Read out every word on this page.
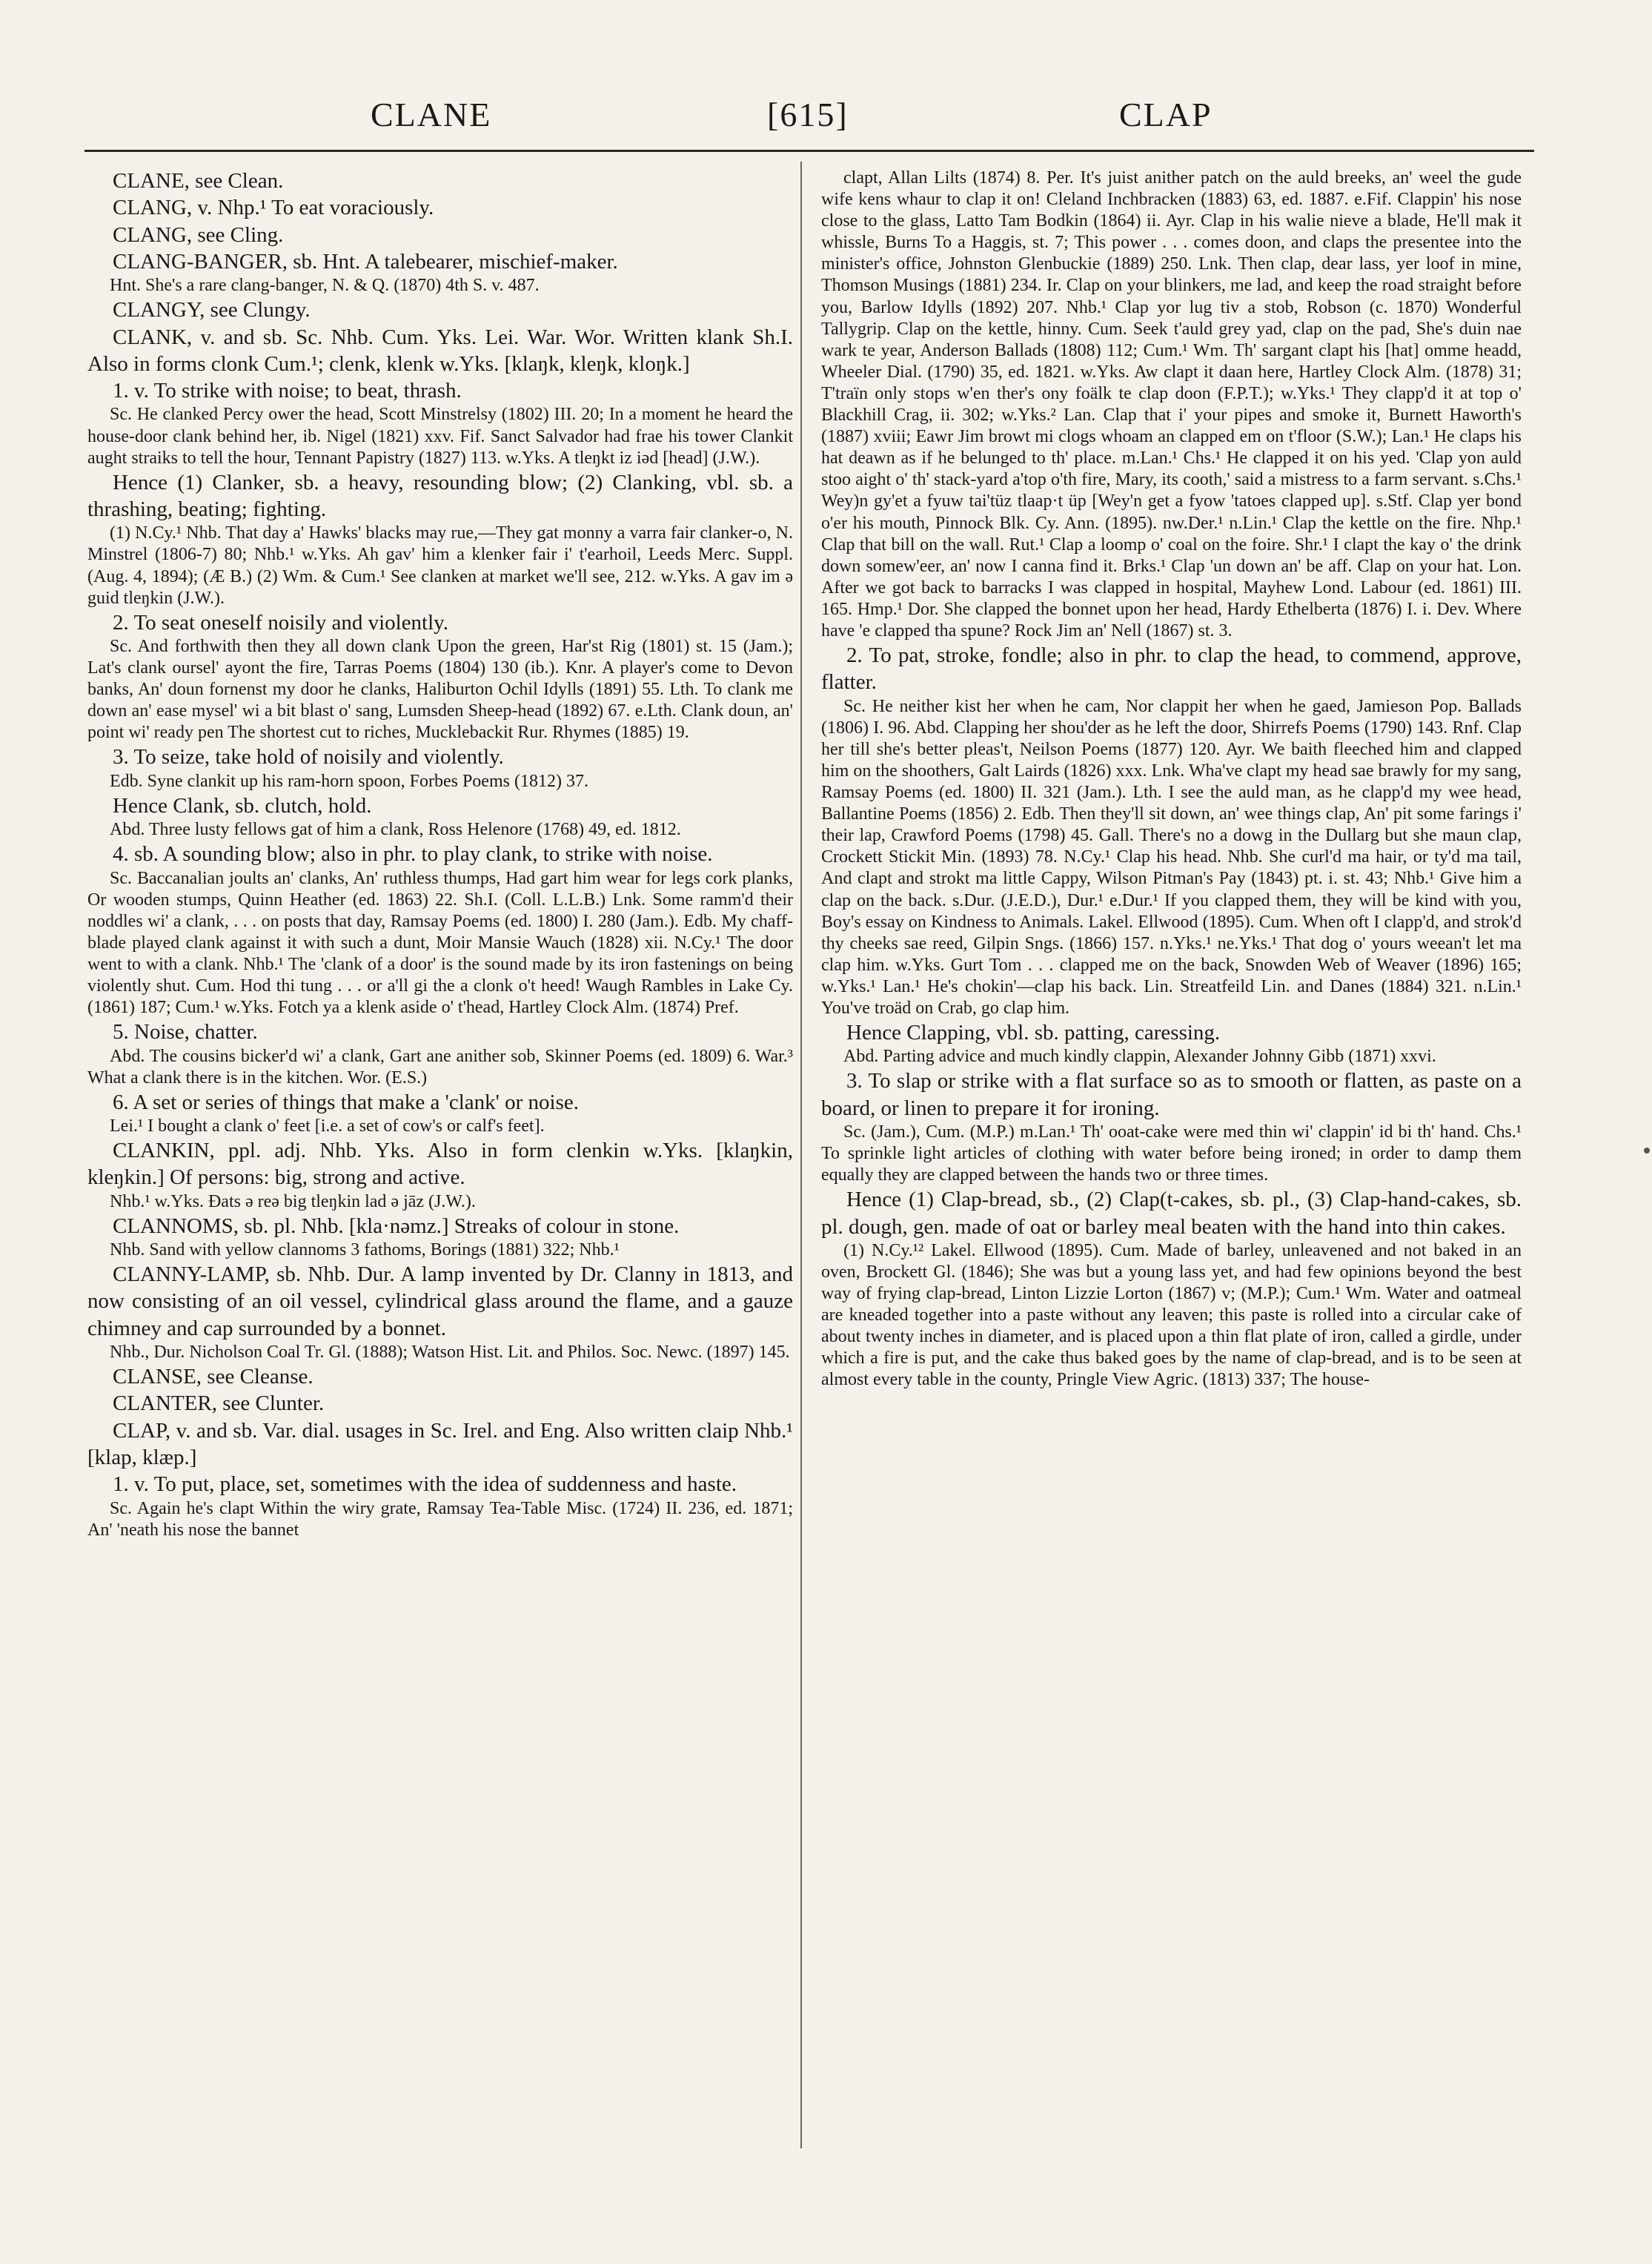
CLANE	[615]	CLAP

CLANE, see Clean.

CLANG, v. Nhp.¹ To eat voraciously.

CLANG, see Cling.

CLANG-BANGER, sb. Hnt. A talebearer, mischief-maker.

Hnt. She's a rare clang-banger, N. & Q. (1870) 4th S. v. 487.

CLANGY, see Clungy.

CLANK, v. and sb. Sc. Nhb. Cum. Yks. Lei. War. Wor. Written klank Sh.I. Also in forms clonk Cum.¹; clenk, klenk w.Yks. [klaŋk, kleŋk, kloŋk.]

1. v. To strike with noise; to beat, thrash.

Sc. He clanked Percy ower the head, Scott Minstrelsy (1802) III. 20; In a moment he heard the house-door clank behind her, ib. Nigel (1821) xxv. Fif. Sanct Salvador had frae his tower Clankit aught straiks to tell the hour, Tennant Papistry (1827) 113. w.Yks. A tleŋkt iz iəd [head] (J.W.).

Hence (1) Clanker, sb. a heavy, resounding blow; (2) Clanking, vbl. sb. a thrashing, beating; fighting.

(1) N.Cy.¹ Nhb. That day a' Hawks' blacks may rue,—They gat monny a varra fair clanker-o, N. Minstrel (1806-7) 80; Nhb.¹ w.Yks. Ah gav' him a klenker fair i' t'earhoil, Leeds Merc. Suppl. (Aug. 4, 1894); (Æ B.) (2) Wm. & Cum.¹ See clanken at market we'll see, 212. w.Yks. A gav im ə guid tleŋkin (J.W.).

2. To seat oneself noisily and violently.

Sc. And forthwith then they all down clank Upon the green, Har'st Rig (1801) st. 15 (Jam.); Lat's clank oursel' ayont the fire, Tarras Poems (1804) 130 (ib.). Knr. A player's come to Devon banks, An' doun fornenst my door he clanks, Haliburton Ochil Idylls (1891) 55. Lth. To clank me down an' ease mysel' wi a bit blast o' sang, Lumsden Sheep-head (1892) 67. e.Lth. Clank doun, an' point wi' ready pen The shortest cut to riches, Mucklebackit Rur. Rhymes (1885) 19.

3. To seize, take hold of noisily and violently.

Edb. Syne clankit up his ram-horn spoon, Forbes Poems (1812) 37.

Hence Clank, sb. clutch, hold.

Abd. Three lusty fellows gat of him a clank, Ross Helenore (1768) 49, ed. 1812.

4. sb. A sounding blow; also in phr. to play clank, to strike with noise.

Sc. Baccanalian joults an' clanks, An' ruthless thumps, Had gart him wear for legs cork planks, Or wooden stumps, Quinn Heather (ed. 1863) 22. Sh.I. (Coll. L.L.B.) Lnk. Some ramm'd their noddles wi' a clank, . . . on posts that day, Ramsay Poems (ed. 1800) I. 280 (Jam.). Edb. My chaff-blade played clank against it with such a dunt, Moir Mansie Wauch (1828) xii. N.Cy.¹ The door went to with a clank. Nhb.¹ The 'clank of a door' is the sound made by its iron fastenings on being violently shut. Cum. Hod thi tung . . . or a'll gi the a clonk o't heed! Waugh Rambles in Lake Cy. (1861) 187; Cum.¹ w.Yks. Fotch ya a klenk aside o' t'head, Hartley Clock Alm. (1874) Pref.

5. Noise, chatter.

Abd. The cousins bicker'd wi' a clank, Gart ane anither sob, Skinner Poems (ed. 1809) 6. War.³ What a clank there is in the kitchen. Wor. (E.S.)

6. A set or series of things that make a 'clank' or noise.

Lei.¹ I bought a clank o' feet [i.e. a set of cow's or calf's feet].

CLANKIN, ppl. adj. Nhb. Yks. Also in form clenkin w.Yks. [klaŋkin, kleŋkin.] Of persons: big, strong and active.

Nhb.¹ w.Yks. Ðats ə reə big tleŋkin lad ə jāz (J.W.).

CLANNOMS, sb. pl. Nhb. [kla·nəmz.] Streaks of colour in stone.

Nhb. Sand with yellow clannoms 3 fathoms, Borings (1881) 322; Nhb.¹

CLANNY-LAMP, sb. Nhb. Dur. A lamp invented by Dr. Clanny in 1813, and now consisting of an oil vessel, cylindrical glass around the flame, and a gauze chimney and cap surrounded by a bonnet.

Nhb., Dur. Nicholson Coal Tr. Gl. (1888); Watson Hist. Lit. and Philos. Soc. Newc. (1897) 145.

CLANSE, see Cleanse.

CLANTER, see Clunter.

CLAP, v. and sb. Var. dial. usages in Sc. Irel. and Eng. Also written claip Nhb.¹ [klap, klæp.]

1. v. To put, place, set, sometimes with the idea of suddenness and haste.

Sc. Again he's clapt Within the wiry grate, Ramsay Tea-Table Misc. (1724) II. 236, ed. 1871; An' 'neath his nose the bannet

clapt, Allan Lilts (1874) 8. Per. It's juist anither patch on the auld breeks, an' weel the gude wife kens whaur to clap it on! Cleland Inchbracken (1883) 63, ed. 1887. e.Fif. Clappin' his nose close to the glass, Latto Tam Bodkin (1864) ii. Ayr. Clap in his walie nieve a blade, He'll mak it whissle, Burns To a Haggis, st. 7; This power . . . comes doon, and claps the presentee into the minister's office, Johnston Glenbuckie (1889) 250. Lnk. Then clap, dear lass, yer loof in mine, Thomson Musings (1881) 234. Ir. Clap on your blinkers, me lad, and keep the road straight before you, Barlow Idylls (1892) 207. Nhb.¹ Clap yor lug tiv a stob, Robson (c. 1870) Wonderful Tallygrip. Clap on the kettle, hinny. Cum. Seek t'auld grey yad, clap on the pad, She's duin nae wark te year, Anderson Ballads (1808) 112; Cum.¹ Wm. Th' sargant clapt his [hat] omme headd, Wheeler Dial. (1790) 35, ed. 1821. w.Yks. Aw clapt it daan here, Hartley Clock Alm. (1878) 31; T'traïn only stops w'en ther's ony foälk te clap doon (F.P.T.); w.Yks.¹ They clapp'd it at top o' Blackhill Crag, ii. 302; w.Yks.² Lan. Clap that i' your pipes and smoke it, Burnett Haworth's (1887) xviii; Eawr Jim browt mi clogs whoam an clapped em on t'floor (S.W.); Lan.¹ He claps his hat deawn as if he belunged to th' place. m.Lan.¹ Chs.¹ He clapped it on his yed. 'Clap yon auld stoo aight o' th' stack-yard a'top o'th fire, Mary, its cooth,' said a mistress to a farm servant. s.Chs.¹ Wey)n gy'et a fyuw tai'tüz tlaap·t üp [Wey'n get a fyow 'tatoes clapped up]. s.Stf. Clap yer bond o'er his mouth, Pinnock Blk. Cy. Ann. (1895). nw.Der.¹ n.Lin.¹ Clap the kettle on the fire. Nhp.¹ Clap that bill on the wall. Rut.¹ Clap a loomp o' coal on the foire. Shr.¹ I clapt the kay o' the drink down somew'eer, an' now I canna find it. Brks.¹ Clap 'un down an' be aff. Clap on your hat. Lon. After we got back to barracks I was clapped in hospital, Mayhew Lond. Labour (ed. 1861) III. 165. Hmp.¹ Dor. She clapped the bonnet upon her head, Hardy Ethelberta (1876) I. i. Dev. Where have 'e clapped tha spune? Rock Jim an' Nell (1867) st. 3.

2. To pat, stroke, fondle; also in phr. to clap the head, to commend, approve, flatter.

Sc. He neither kist her when he cam, Nor clappit her when he gaed, Jamieson Pop. Ballads (1806) I. 96. Abd. Clapping her shou'der as he left the door, Shirrefs Poems (1790) 143. Rnf. Clap her till she's better pleas't, Neilson Poems (1877) 120. Ayr. We baith fleeched him and clapped him on the shoothers, Galt Lairds (1826) xxx. Lnk. Wha've clapt my head sae brawly for my sang, Ramsay Poems (ed. 1800) II. 321 (Jam.). Lth. I see the auld man, as he clapp'd my wee head, Ballantine Poems (1856) 2. Edb. Then they'll sit down, an' wee things clap, An' pit some farings i' their lap, Crawford Poems (1798) 45. Gall. There's no a dowg in the Dullarg but she maun clap, Crockett Stickit Min. (1893) 78. N.Cy.¹ Clap his head. Nhb. She curl'd ma hair, or ty'd ma tail, And clapt and strokt ma little Cappy, Wilson Pitman's Pay (1843) pt. i. st. 43; Nhb.¹ Give him a clap on the back. s.Dur. (J.E.D.), Dur.¹ e.Dur.¹ If you clapped them, they will be kind with you, Boy's essay on Kindness to Animals. Lakel. Ellwood (1895). Cum. When oft I clapp'd, and strok'd thy cheeks sae reed, Gilpin Sngs. (1866) 157. n.Yks.¹ ne.Yks.¹ That dog o' yours weean't let ma clap him. w.Yks. Gurt Tom . . . clapped me on the back, Snowden Web of Weaver (1896) 165; w.Yks.¹ Lan.¹ He's chokin'—clap his back. Lin. Streatfeild Lin. and Danes (1884) 321. n.Lin.¹ You've troäd on Crab, go clap him.

Hence Clapping, vbl. sb. patting, caressing.

Abd. Parting advice and much kindly clappin, Alexander Johnny Gibb (1871) xxvi.

3. To slap or strike with a flat surface so as to smooth or flatten, as paste on a board, or linen to prepare it for ironing.

Sc. (Jam.), Cum. (M.P.) m.Lan.¹ Th' ooat-cake were med thin wi' clappin' id bi th' hand. Chs.¹ To sprinkle light articles of clothing with water before being ironed; in order to damp them equally they are clapped between the hands two or three times.

Hence (1) Clap-bread, sb., (2) Clap(t-cakes, sb. pl., (3) Clap-hand-cakes, sb. pl. dough, gen. made of oat or barley meal beaten with the hand into thin cakes.

(1) N.Cy.¹² Lakel. Ellwood (1895). Cum. Made of barley, unleavened and not baked in an oven, Brockett Gl. (1846); She was but a young lass yet, and had few opinions beyond the best way of frying clap-bread, Linton Lizzie Lorton (1867) v; (M.P.); Cum.¹ Wm. Water and oatmeal are kneaded together into a paste without any leaven; this paste is rolled into a circular cake of about twenty inches in diameter, and is placed upon a thin flat plate of iron, called a girdle, under which a fire is put, and the cake thus baked goes by the name of clap-bread, and is to be seen at almost every table in the county, Pringle View Agric. (1813) 337; The house-
